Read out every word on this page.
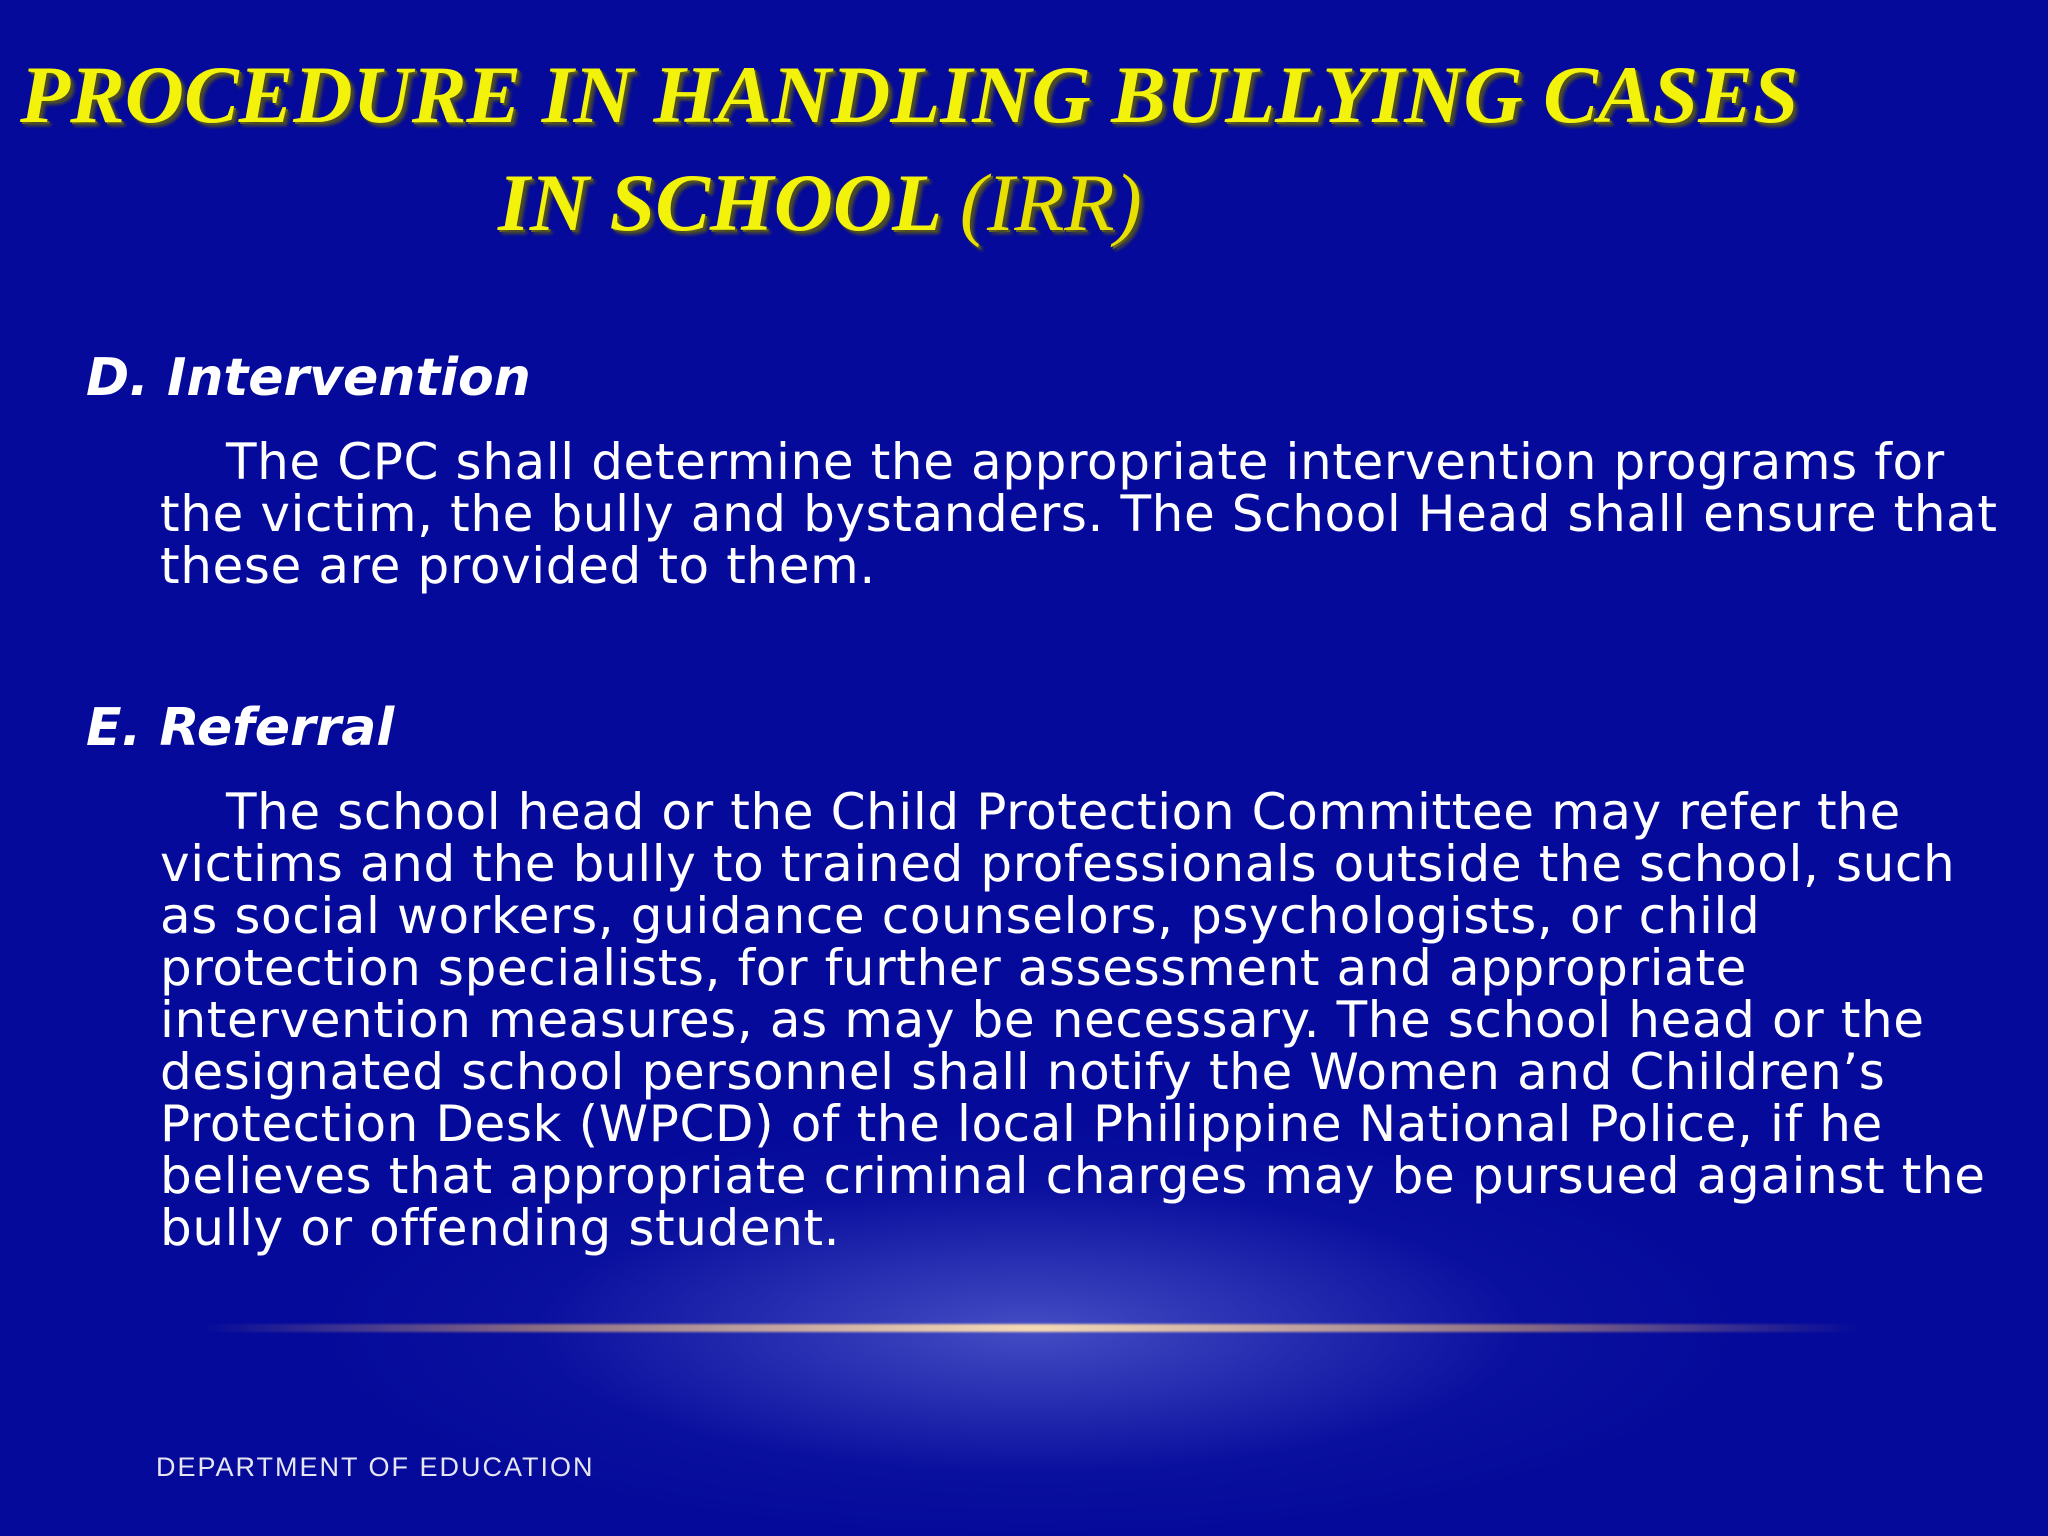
PROCEDURE IN HANDLING BULLYING CASES
IN SCHOOL (IRR)
D. Intervention

The CPC shall determine the appropriate intervention programs for the victim, the bully and bystanders. The School Head shall ensure that these are provided to them.

E. Referral

The school head or the Child Protection Committee may refer the victims and the bully to trained professionals outside the school, such as social workers, guidance counselors, psychologists, or child protection specialists, for further assessment and appropriate intervention measures, as may be necessary. The school head or the designated school personnel shall notify the Women and Children’s Protection Desk (WPCD) of the local Philippine National Police, if he believes that appropriate criminal charges may be pursued against the bully or offending student.

DEPARTMENT OF EDUCATION
